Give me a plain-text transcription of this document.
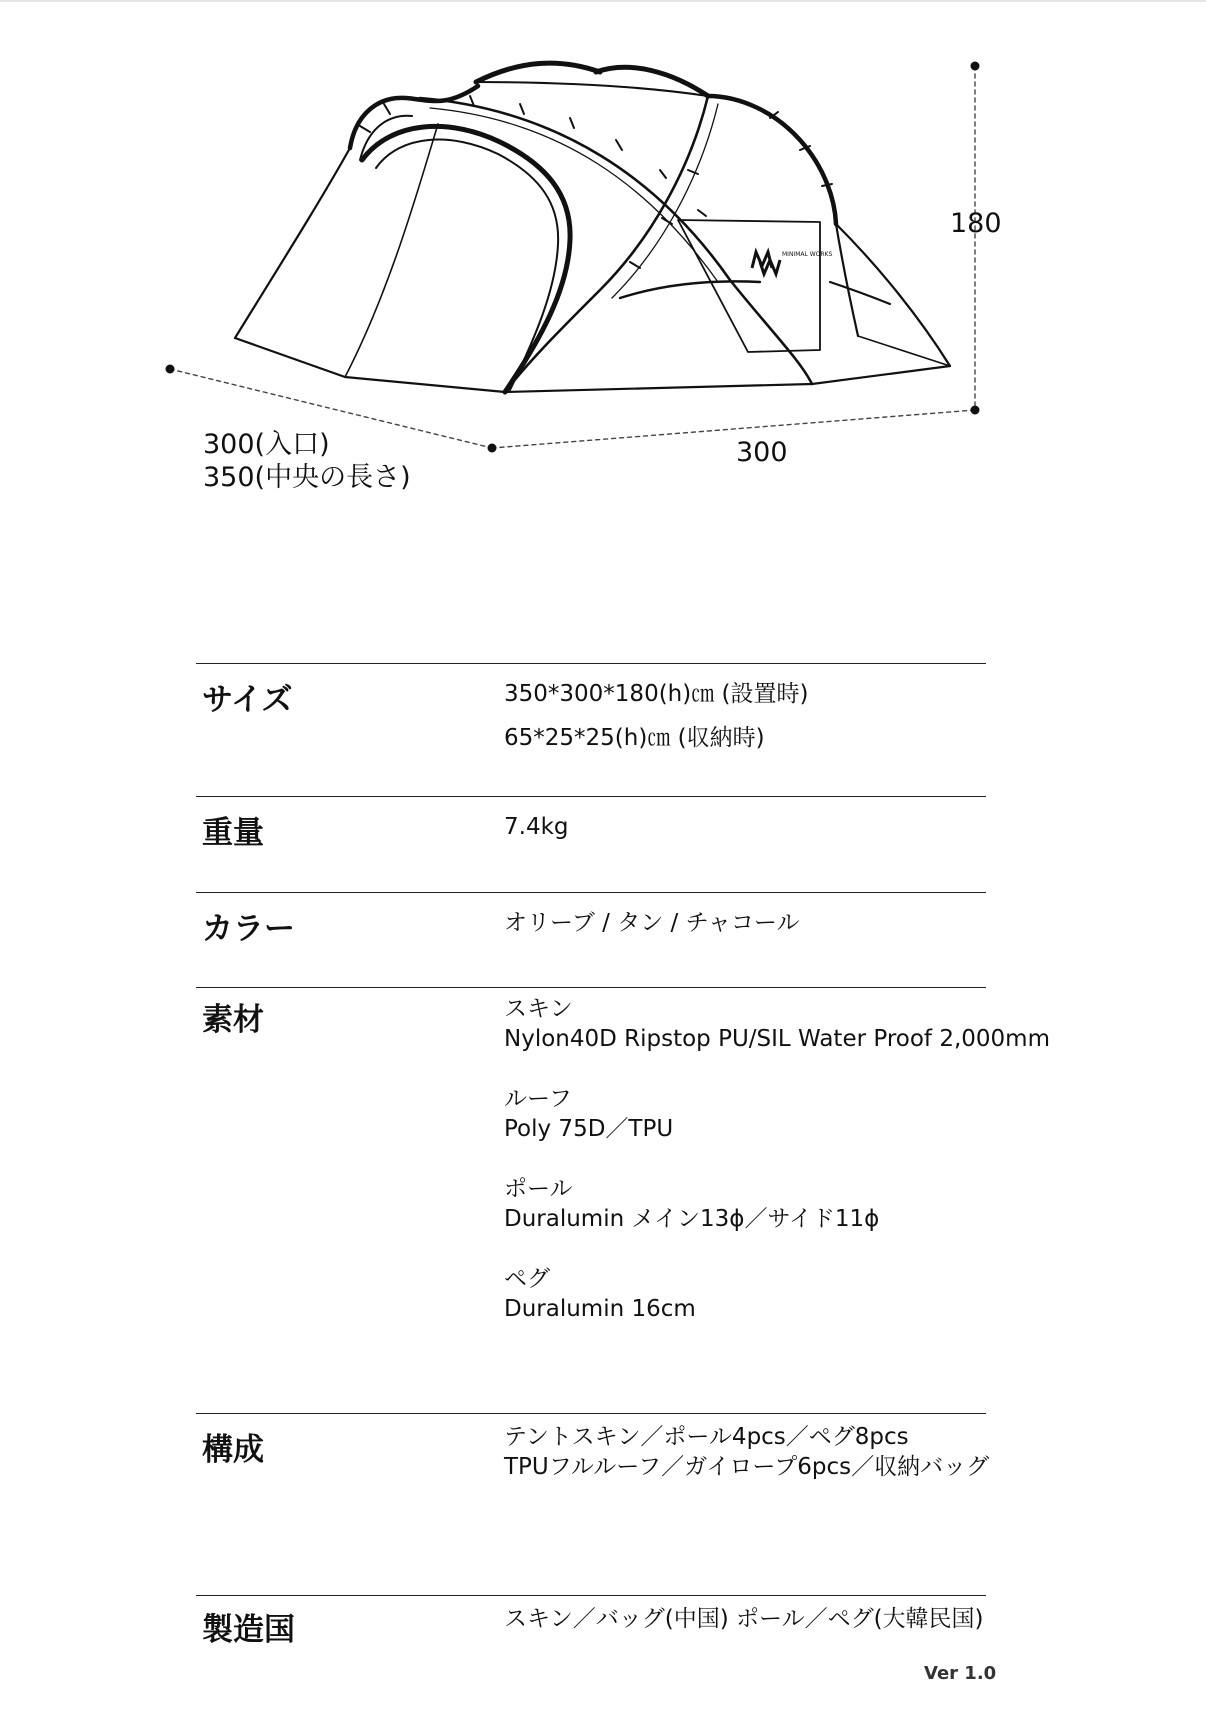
MINIMAL WORKS
180
300
300(入口)
350(中央の長さ)
サイズ	350*300*180(h)㎝ (設置時)
65*25*25(h)㎝ (収納時)
重量	7.4kg
カラー	オリーブ / タン / チャコール
素材	スキン
Nylon40D Ripstop PU/SIL Water Proof 2,000mm
ルーフ
Poly 75D／TPU
ポール
Duralumin メイン13ϕ／サイド11ϕ
ペグ
Duralumin 16cm
構成	テントスキン／ポール4pcs／ペグ8pcs
TPUフルルーフ／ガイロープ6pcs／収納バッグ
製造国	スキン／バッグ(中国) ポール／ペグ(大韓民国)
Ver 1.0
